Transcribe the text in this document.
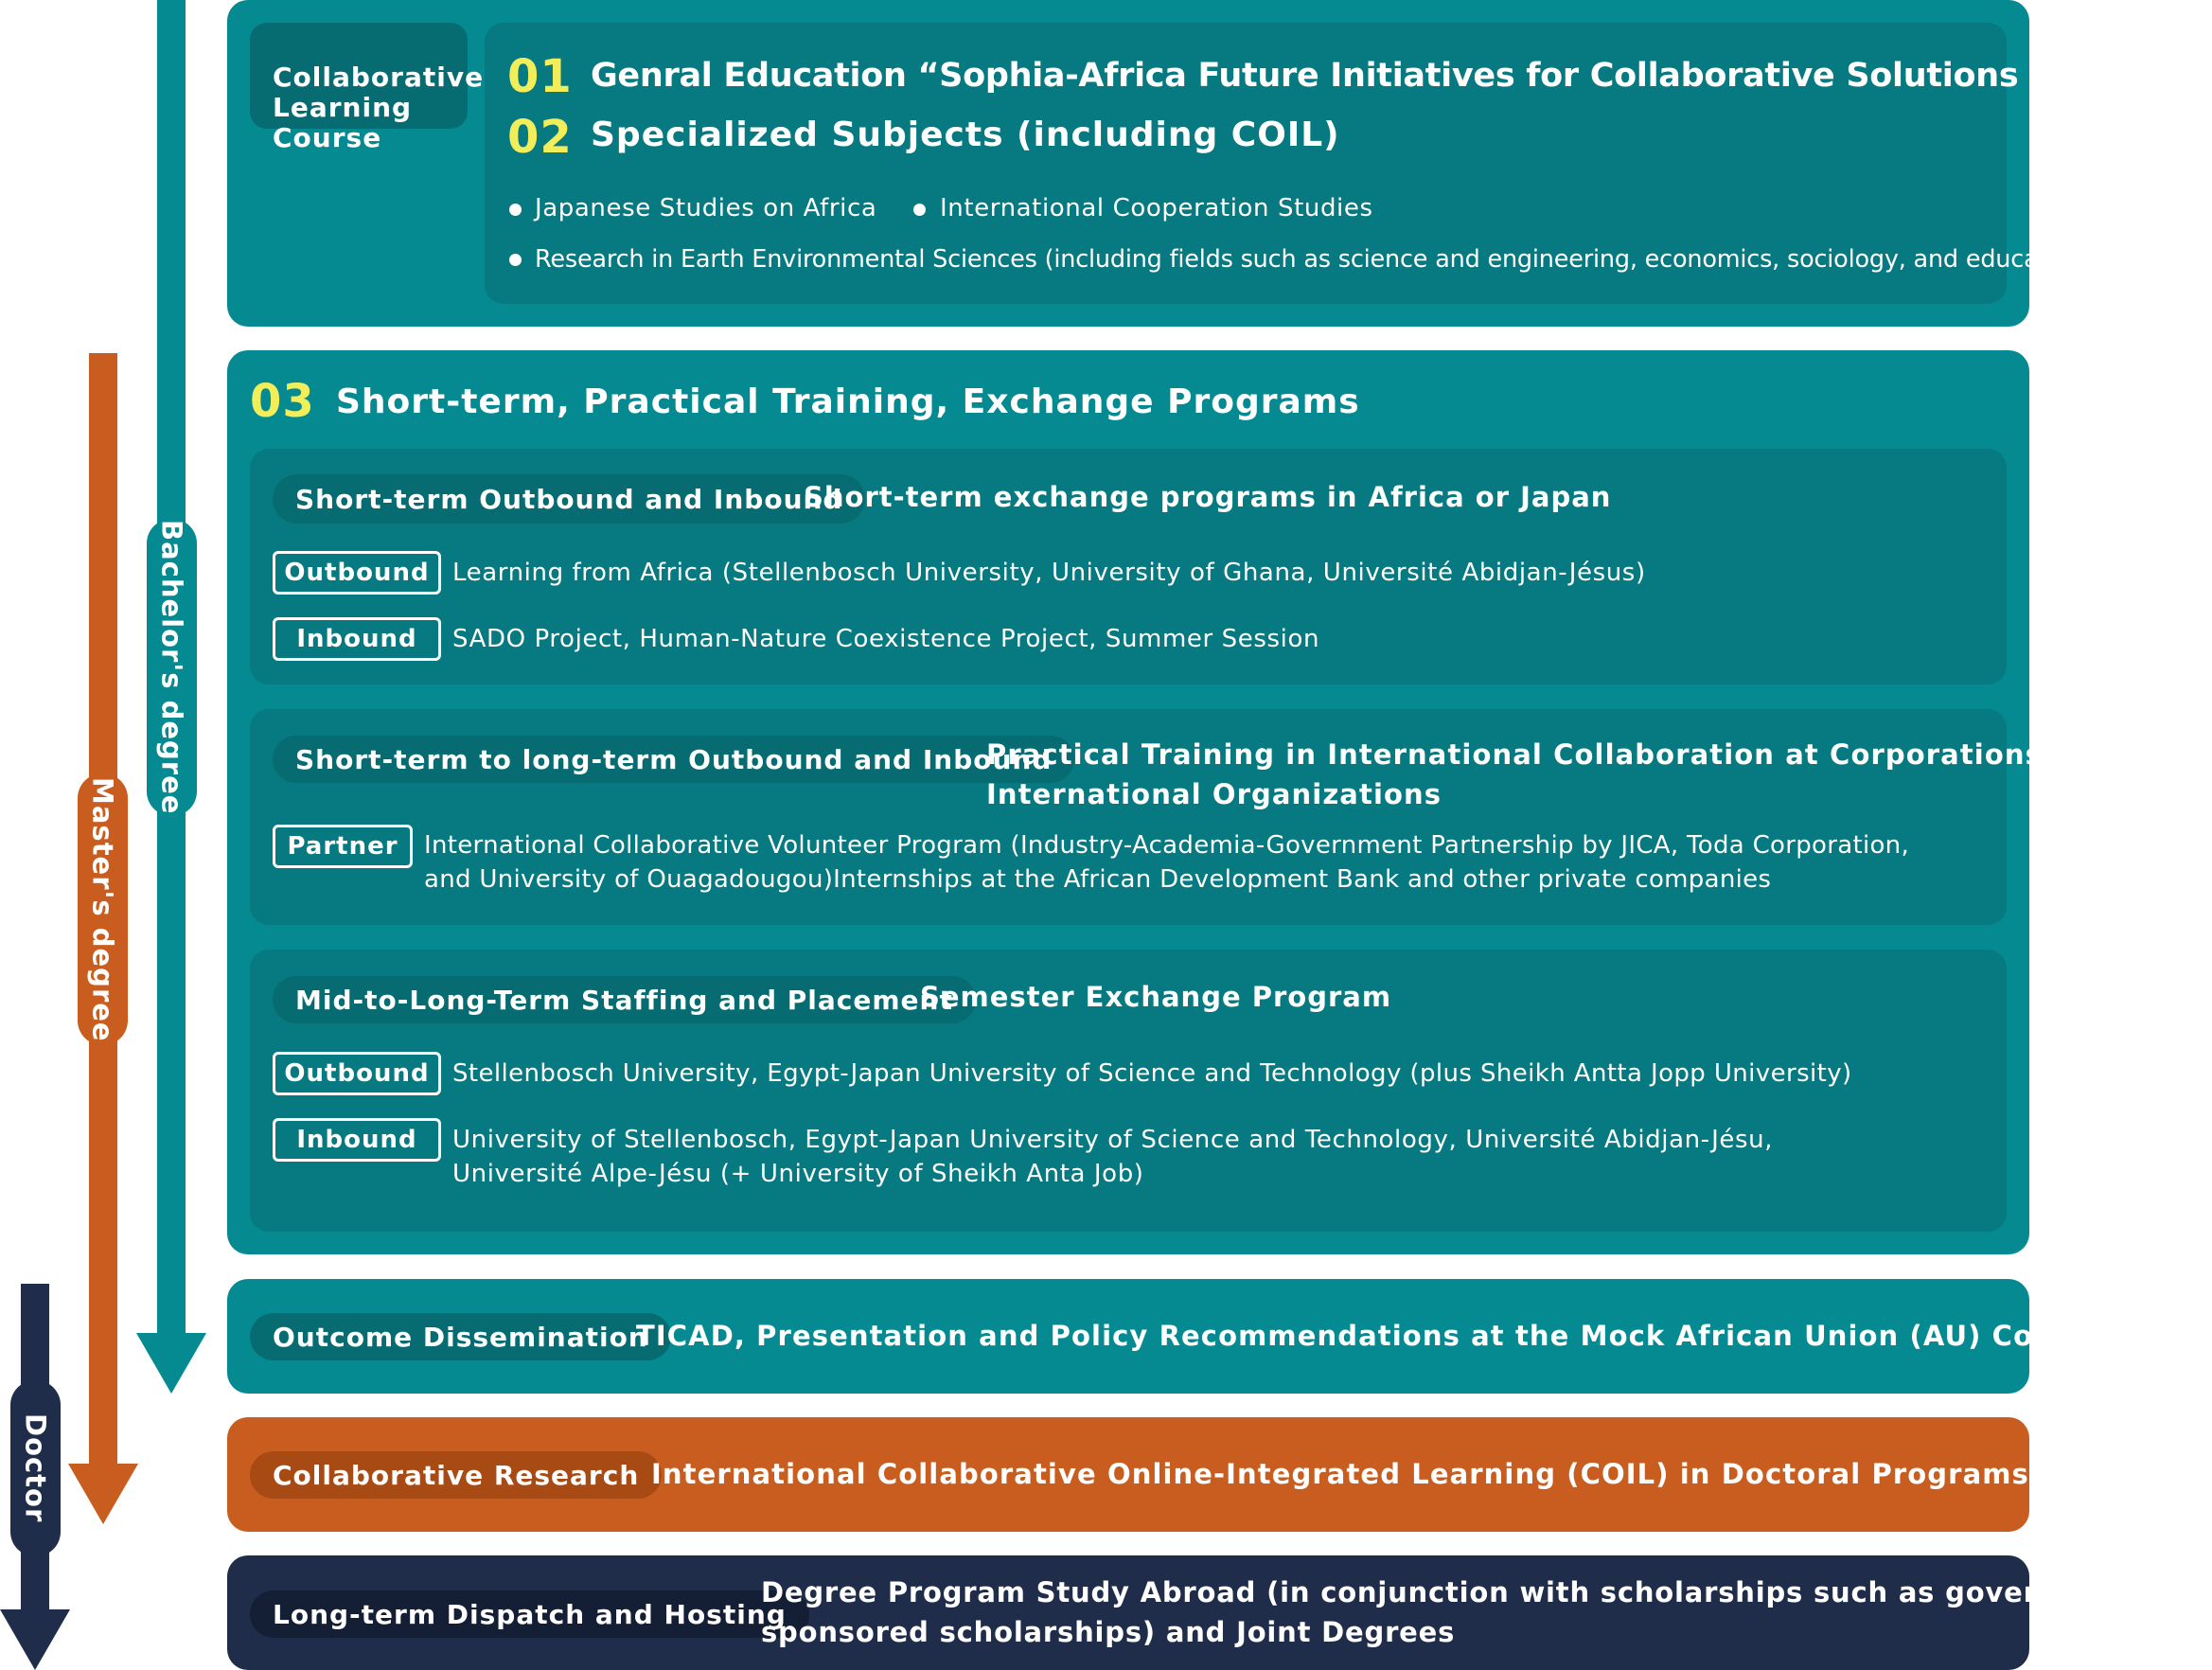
Bachelor's degree
Master's degree
Doctor

Collaborative
Learning
Course

01 Genral Education “Sophia-Africa Future Initiatives for Collaborative Solutions (SAFICS)”
02 Specialized Subjects (including COIL)
Japanese Studies on Africa	International Cooperation Studies
Research in Earth Environmental Sciences (including fields such as science and engineering, economics, sociology, and education)
03 Short-term, Practical Training, Exchange Programs
Short-term Outbound and Inbound
Short-term exchange programs in Africa or Japan
Outbound Learning from Africa (Stellenbosch University, University of Ghana, Université Abidjan-Jésus)
Inbound	SADO Project, Human-Nature Coexistence Project, Summer Session
Short-term to long-term Outbound and Inbound
Practical Training in International Collaboration at Corporations and
International Organizations
Partner	International Collaborative Volunteer Program (Industry-Academia-Government Partnership by JICA, Toda Corporation,
and University of Ouagadougou)Internships at the African Development Bank and other private companies
Mid-to-Long-Term Staffing and Placement
Semester Exchange Program
Outbound Stellenbosch University, Egypt-Japan University of Science and Technology (plus Sheikh Antta Jopp University)
Inbound	University of Stellenbosch, Egypt-Japan University of Science and Technology, Université Abidjan-Jésu,
Université Alpe-Jésu (+ University of Sheikh Anta Job)
Outcome Dissemination
TICAD, Presentation and Policy Recommendations at the Mock African Union (AU) Conference
Collaborative Research International Collaborative Online-Integrated Learning (COIL) in Doctoral Programs
Long-term Dispatch and Hosting
Degree Program Study Abroad (in conjunction with scholarships such as government-
sponsored scholarships) and Joint Degrees
